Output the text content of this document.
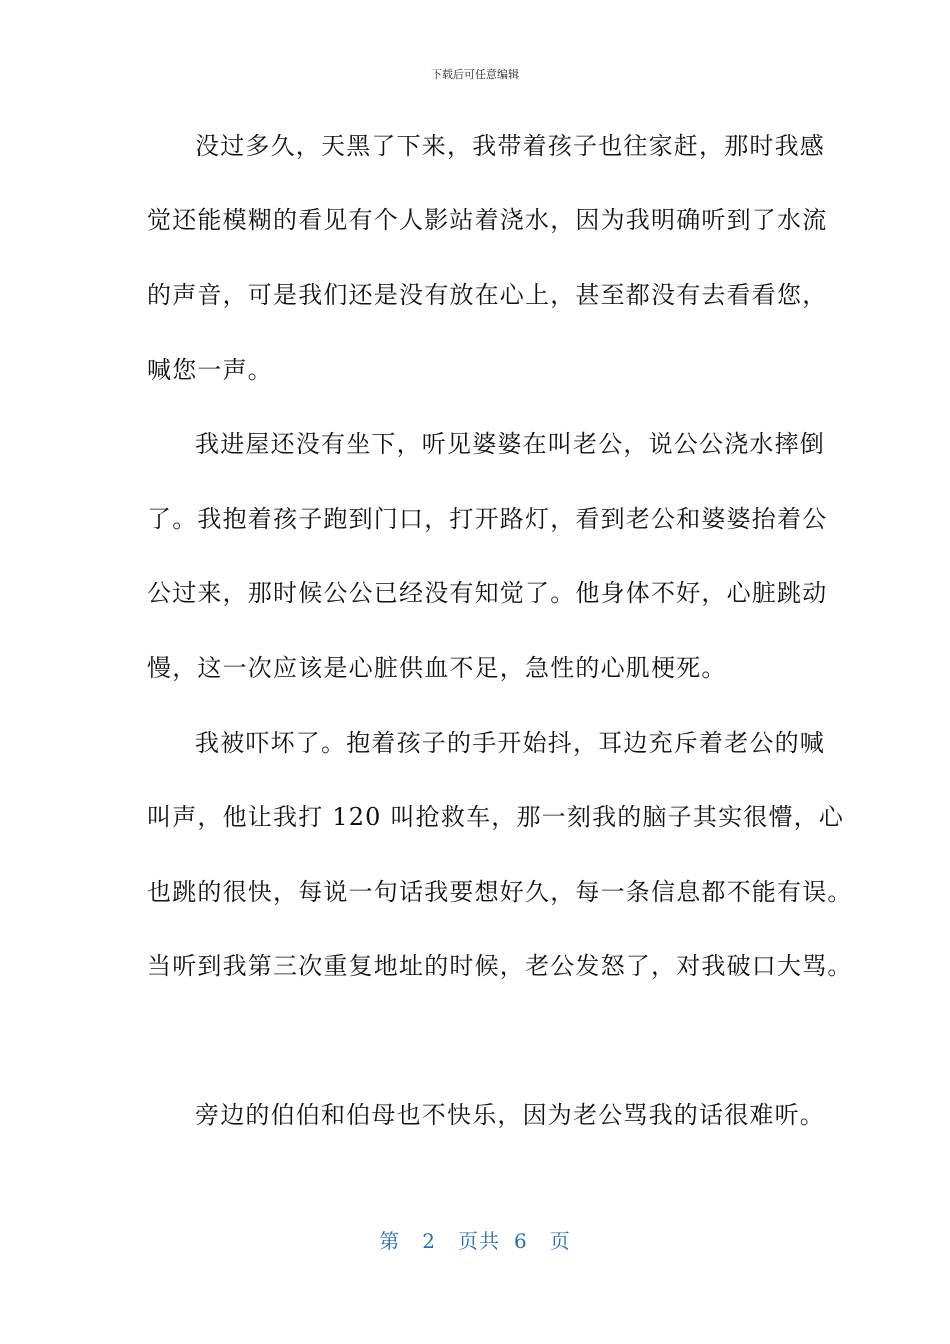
下载后可任意编辑
没过多久，天黑了下来，我带着孩子也往家赶，那时我感
觉还能模糊的看见有个人影站着浇水，因为我明确听到了水流
的声音，可是我们还是没有放在心上，甚至都没有去看看您，
喊您一声。
我进屋还没有坐下，听见婆婆在叫老公，说公公浇水摔倒
了。我抱着孩子跑到门口，打开路灯，看到老公和婆婆抬着公
公过来，那时候公公已经没有知觉了。他身体不好，心脏跳动
慢，这一次应该是心脏供血不足，急性的心肌梗死。
我被吓坏了。抱着孩子的手开始抖，耳边充斥着老公的喊
叫声，他让我打 120 叫抢救车，那一刻我的脑子其实很懵，心
也跳的很快，每说一句话我要想好久，每一条信息都不能有误。
当听到我第三次重复地址的时候，老公发怒了，对我破口大骂。
旁边的伯伯和伯母也不快乐，因为老公骂我的话很难听。
第 2 页共 6 页
